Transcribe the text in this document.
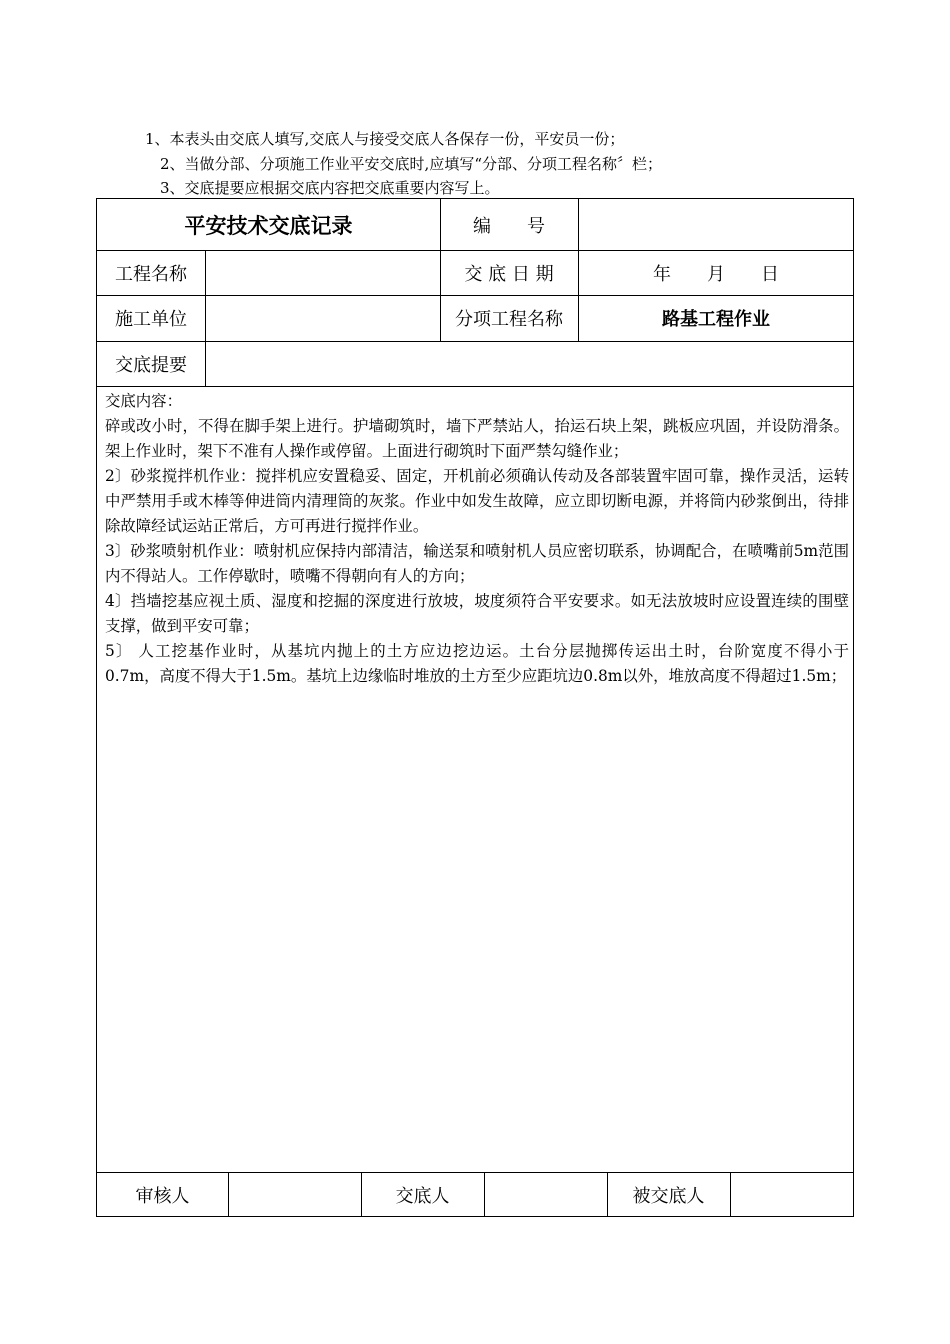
1、本表头由交底人填写,交底人与接受交底人各保存一份，平安员一份；
2、当做分部、分项施工作业平安交底时,应填写“分部、分项工程名称〞栏；
3、交底提要应根据交底内容把交底重要内容写上。
平安技术交底记录	编　　号
工程名称	交 底 日 期	年　　月　　日
施工单位	分项工程名称	路基工程作业
交底提要
交底内容：
碎或改小时，不得在脚手架上进行。护墙砌筑时，墙下严禁站人，抬运石块上架，跳板应巩固，并设防滑条。架上作业时，架下不准有人操作或停留。上面进行砌筑时下面严禁勾缝作业；
2〕砂浆搅拌机作业：搅拌机应安置稳妥、固定，开机前必须确认传动及各部装置牢固可靠，操作灵活，运转中严禁用手或木棒等伸进筒内清理筒的灰浆。作业中如发生故障，应立即切断电源，并将筒内砂浆倒出，待排除故障经试运站正常后，方可再进行搅拌作业。
3〕砂浆喷射机作业：喷射机应保持内部清洁，输送泵和喷射机人员应密切联系，协调配合，在喷嘴前5m范围内不得站人。工作停歇时，喷嘴不得朝向有人的方向；
4〕挡墙挖基应视土质、湿度和挖掘的深度进行放坡，坡度须符合平安要求。如无法放坡时应设置连续的围壁支撑，做到平安可靠；
5〕 人工挖基作业时，从基坑内抛上的土方应边挖边运。土台分层抛掷传运出土时，台阶宽度不得小于0.7m，高度不得大于1.5m。基坑上边缘临时堆放的土方至少应距坑边0.8m以外，堆放高度不得超过1.5m；
审核人	交底人	被交底人
